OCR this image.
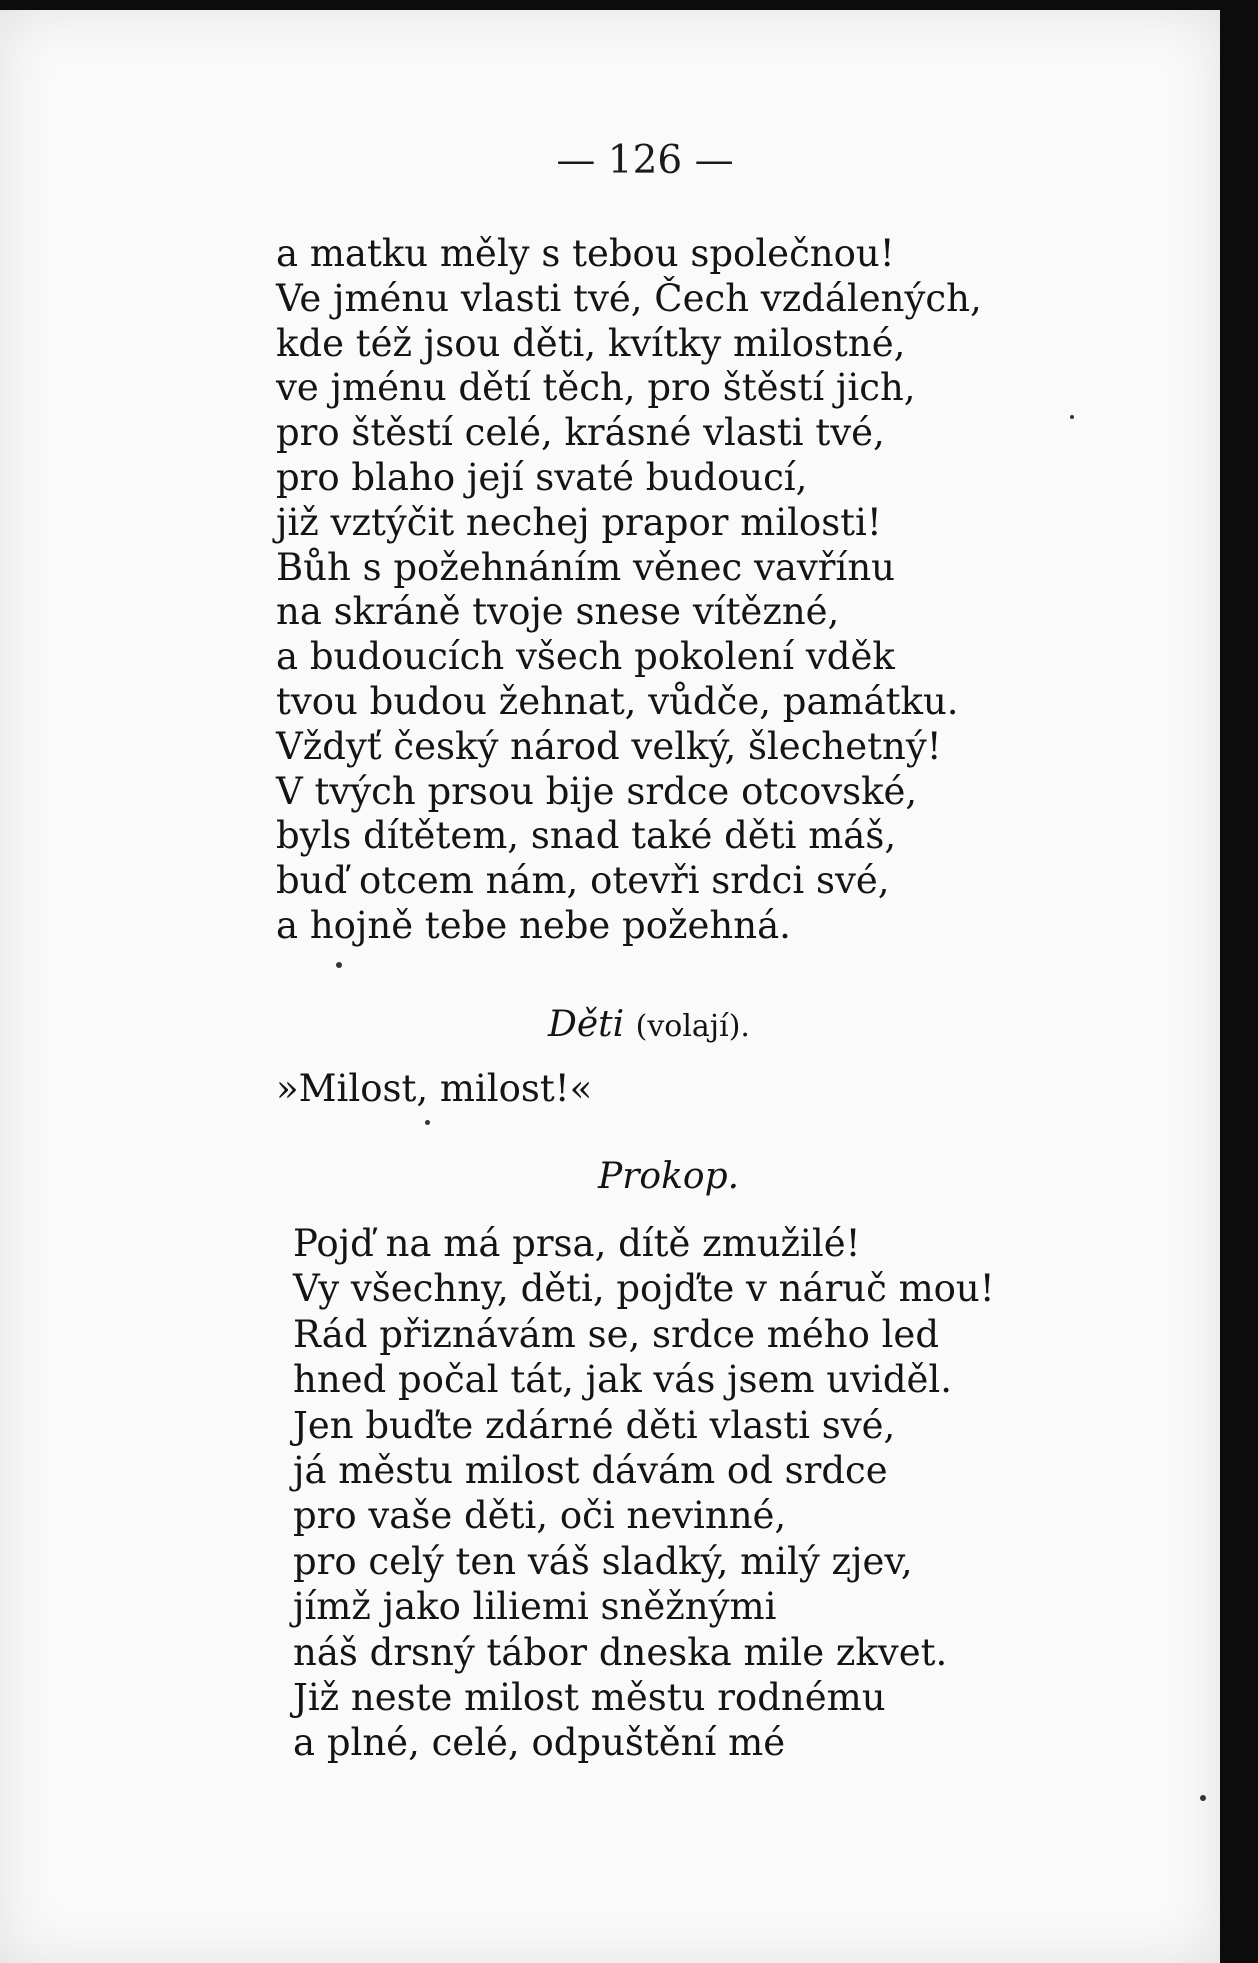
— 126 —
a matku měly s tebou společnou!
Ve jménu vlasti tvé, Čech vzdálených,
kde též jsou děti, kvítky milostné,
ve jménu dětí těch, pro štěstí jich,
pro štěstí celé, krásné vlasti tvé,
pro blaho její svaté budoucí,
již vztýčit nechej prapor milosti!
Bůh s požehnáním věnec vavřínu
na skráně tvoje snese vítězné,
a budoucích všech pokolení vděk
tvou budou žehnat, vůdče, památku.
Vždyť český národ velký, šlechetný!
V tvých prsou bije srdce otcovské,
byls dítětem, snad také děti máš,
buď otcem nám, otevři srdci své,
a hojně tebe nebe požehná.
Děti (volají).
»Milost, milost!«
Prokop.
Pojď na má prsa, dítě zmužilé!
Vy všechny, děti, pojďte v náruč mou!
Rád přiznávám se, srdce mého led
hned počal tát, jak vás jsem uviděl.
Jen buďte zdárné děti vlasti své,
já městu milost dávám od srdce
pro vaše děti, oči nevinné,
pro celý ten váš sladký, milý zjev,
jímž jako liliemi sněžnými
náš drsný tábor dneska mile zkvet.
Již neste milost městu rodnému
a plné, celé, odpuštění mé
